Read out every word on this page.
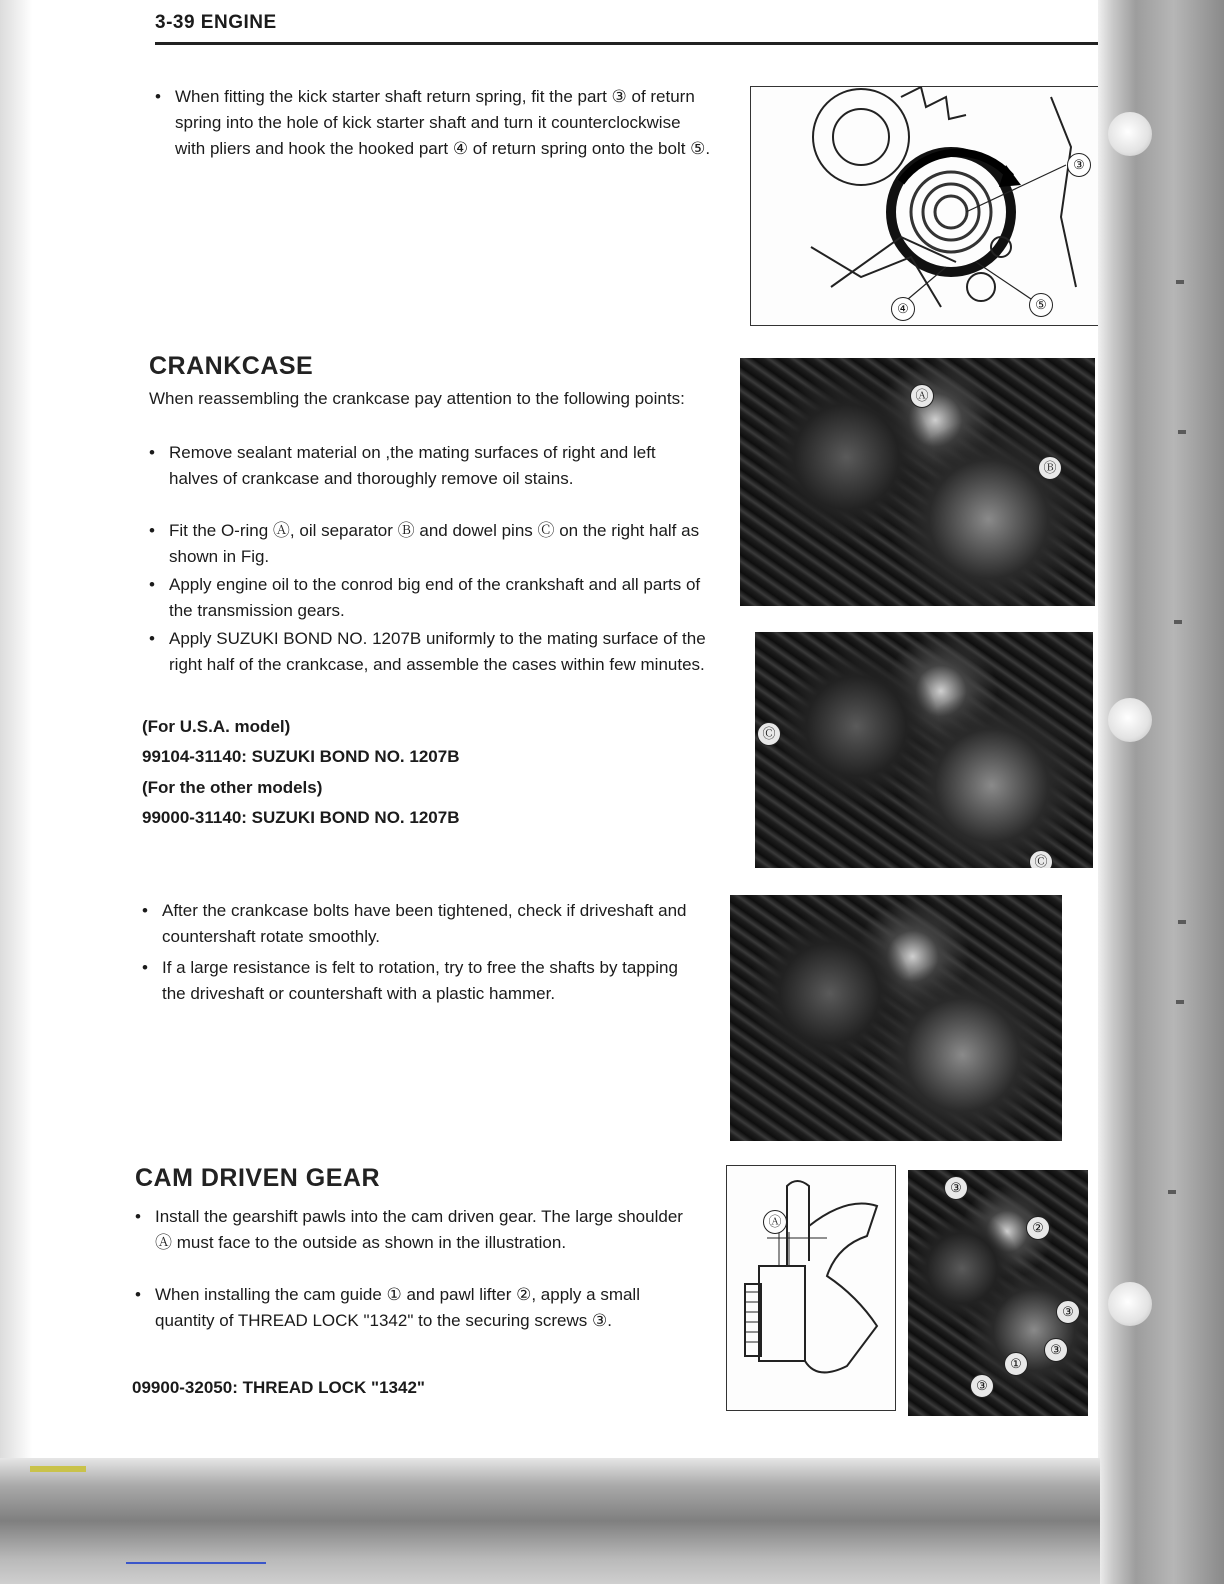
3-39 ENGINE
• When fitting the kick starter shaft return spring, fit the part ③ of return spring into the hole of kick starter shaft and turn it counterclockwise with pliers and hook the hooked part ④ of return spring onto the bolt ⑤.
③
④	⑤
CRANKCASE
When reassembling the crankcase pay attention to the following points:
• Remove sealant material on ,the mating surfaces of right and left halves of crankcase and thoroughly remove oil stains.
• Fit the O-ring Ⓐ, oil separator Ⓑ and dowel pins Ⓒ on the right half as shown in Fig.
• Apply engine oil to the conrod big end of the crankshaft and all parts of the transmission gears.
• Apply SUZUKI BOND NO. 1207B uniformly to the mating surface of the right half of the crankcase, and assemble the cases within few minutes.
(For U.S.A. model)
99104-31140: SUZUKI BOND NO. 1207B
(For the other models)
99000-31140: SUZUKI BOND NO. 1207B
Ⓐ
Ⓑ
Ⓒ
Ⓒ
• After the crankcase bolts have been tightened, check if driveshaft and countershaft rotate smoothly.
• If a large resistance is felt to rotation, try to free the shafts by tapping the driveshaft or countershaft with a plastic hammer.
CAM DRIVEN GEAR
• Install the gearshift pawls into the cam driven gear. The large shoulder Ⓐ must face to the outside as shown in the illustration.
• When installing the cam guide ① and pawl lifter ②, apply a small quantity of THREAD LOCK "1342" to the securing screws ③.
09900-32050: THREAD LOCK "1342"
Ⓐ
③
②
③
①
③
③
